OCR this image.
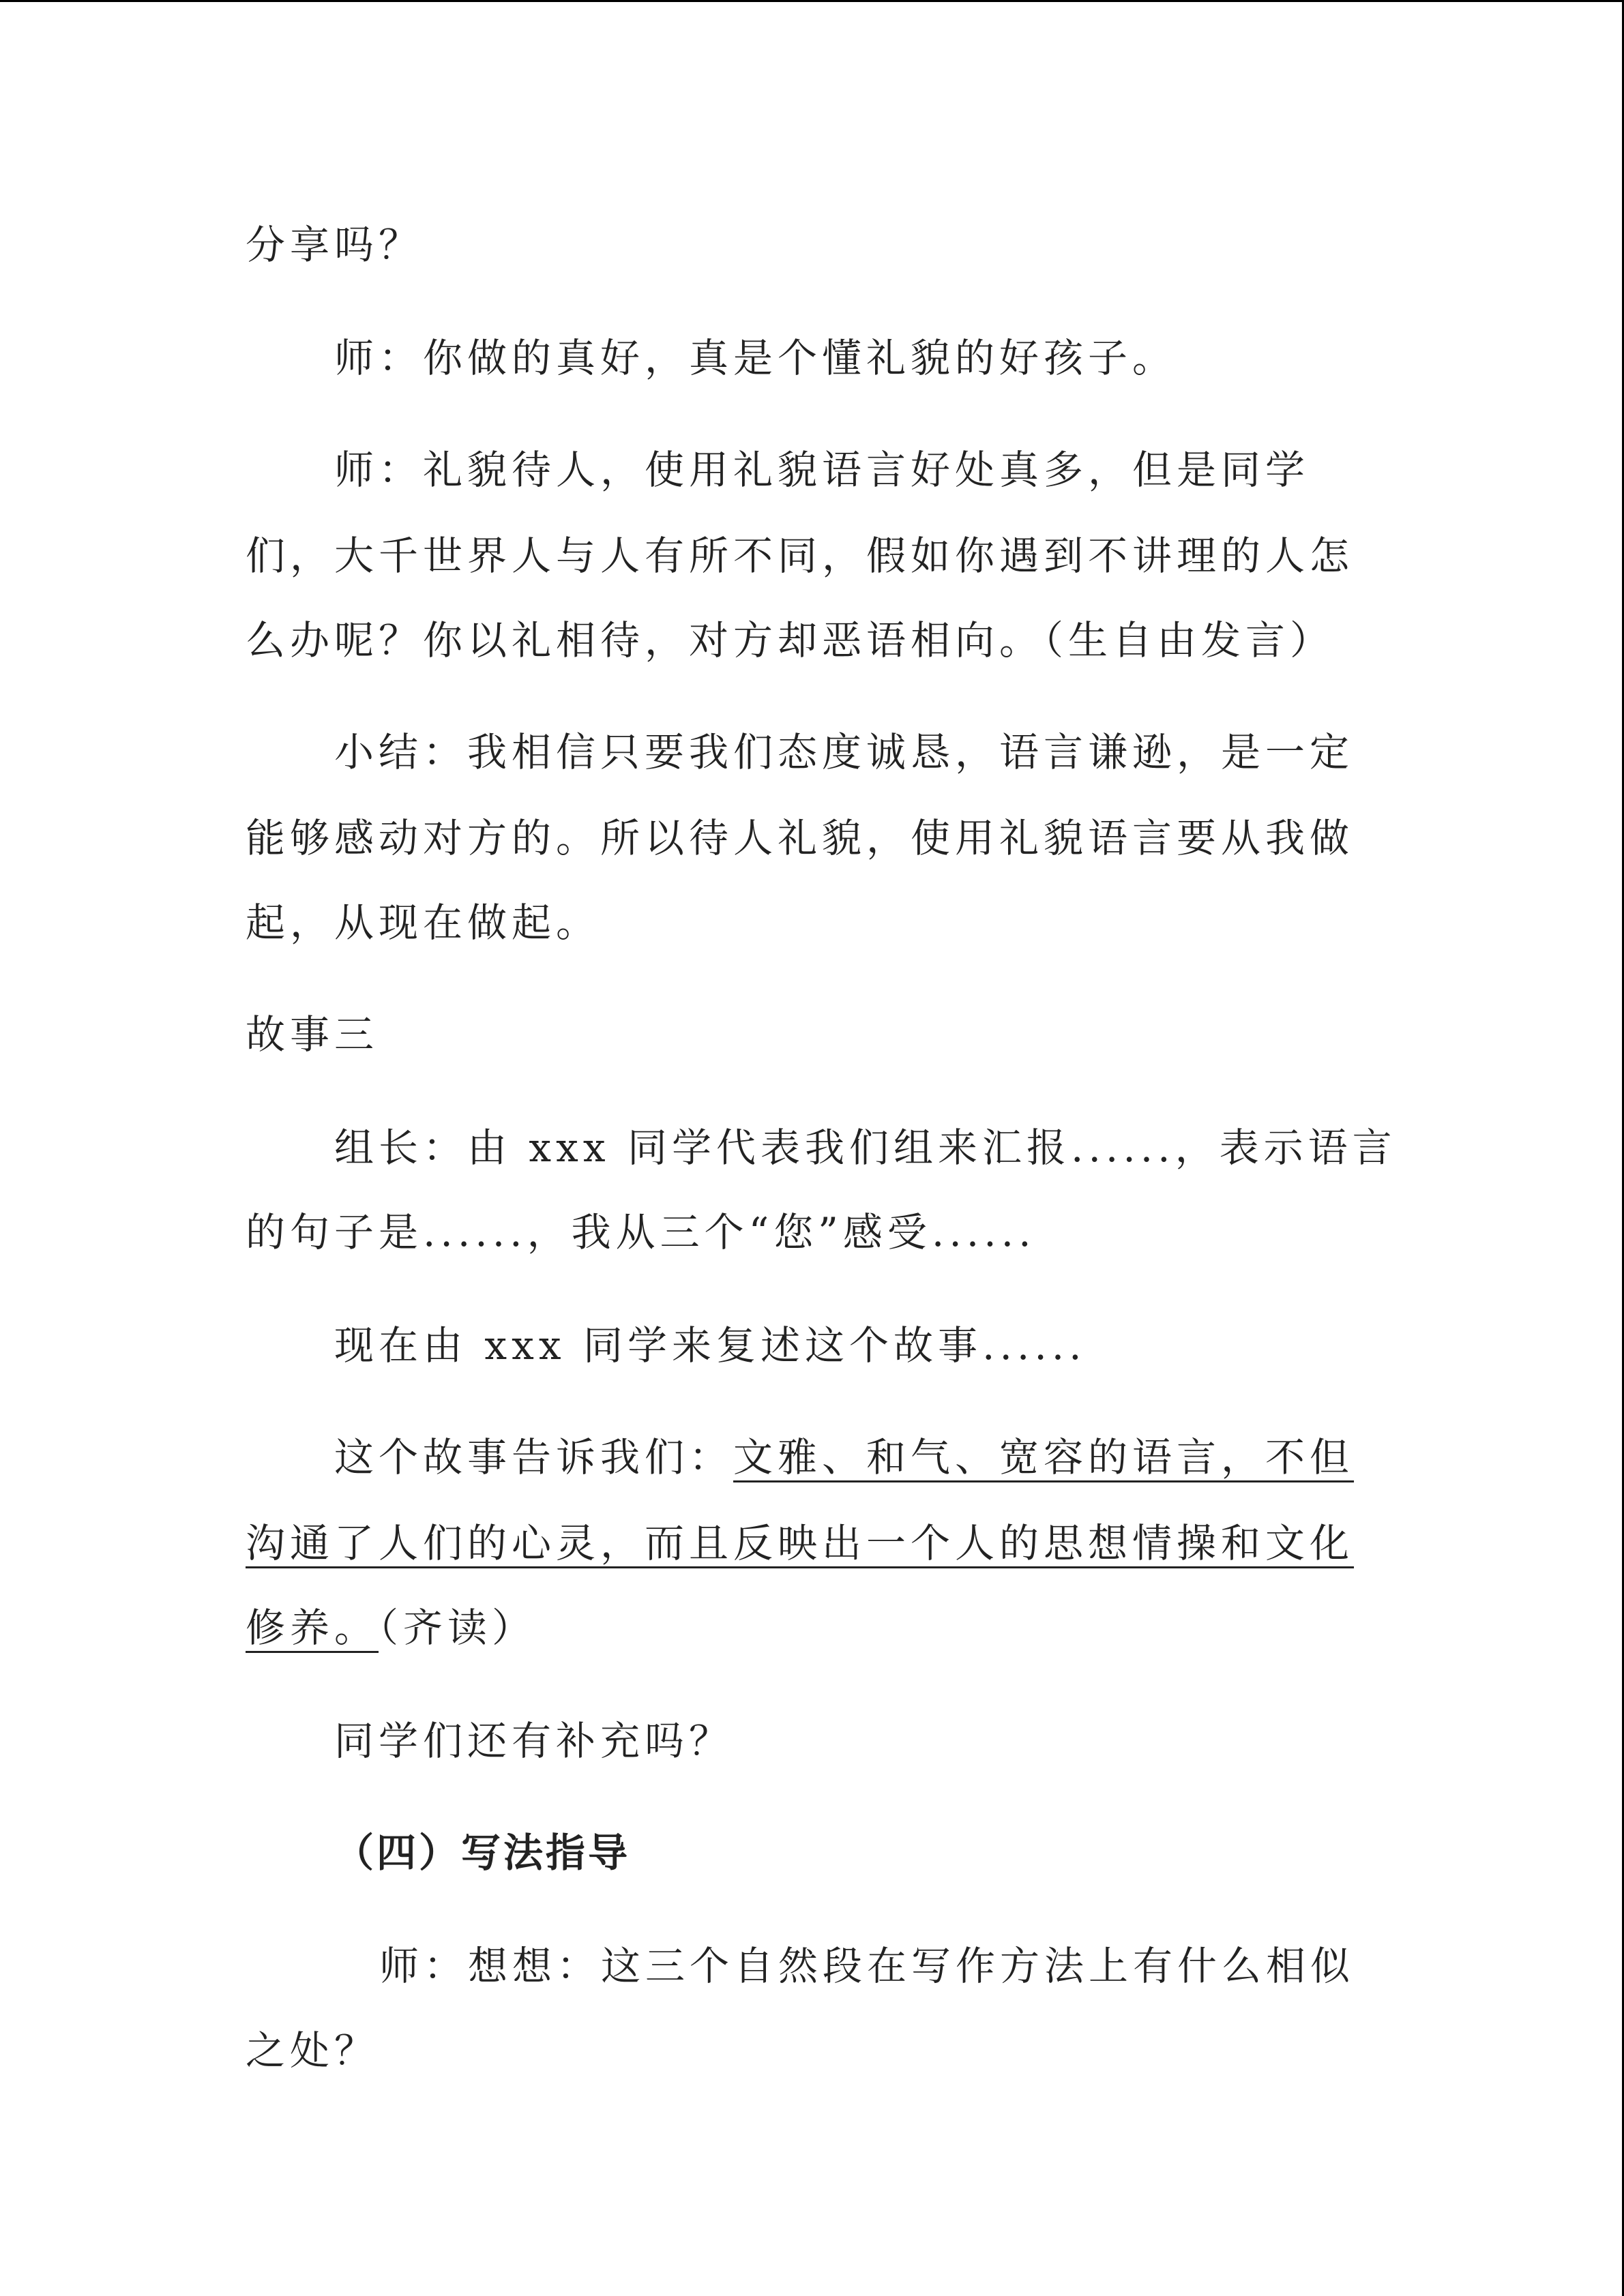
分享吗？
师：你做的真好，真是个懂礼貌的好孩子。
师：礼貌待人，使用礼貌语言好处真多，但是同学
们，大千世界人与人有所不同，假如你遇到不讲理的人怎
么办呢？你以礼相待，对方却恶语相向。（生自由发言）
小结：我相信只要我们态度诚恳，语言谦逊，是一定
能够感动对方的。所以待人礼貌，使用礼貌语言要从我做
起，从现在做起。
故事三
组长：由 xxx 同学代表我们组来汇报......，表示语言
的句子是......，我从三个“您”感受......
现在由 xxx 同学来复述这个故事......
这个故事告诉我们：文雅、和气、宽容的语言，不但
沟通了人们的心灵，而且反映出一个人的思想情操和文化
修养。（齐读）
同学们还有补充吗？
（四）写法指导
师：想想：这三个自然段在写作方法上有什么相似
之处？
